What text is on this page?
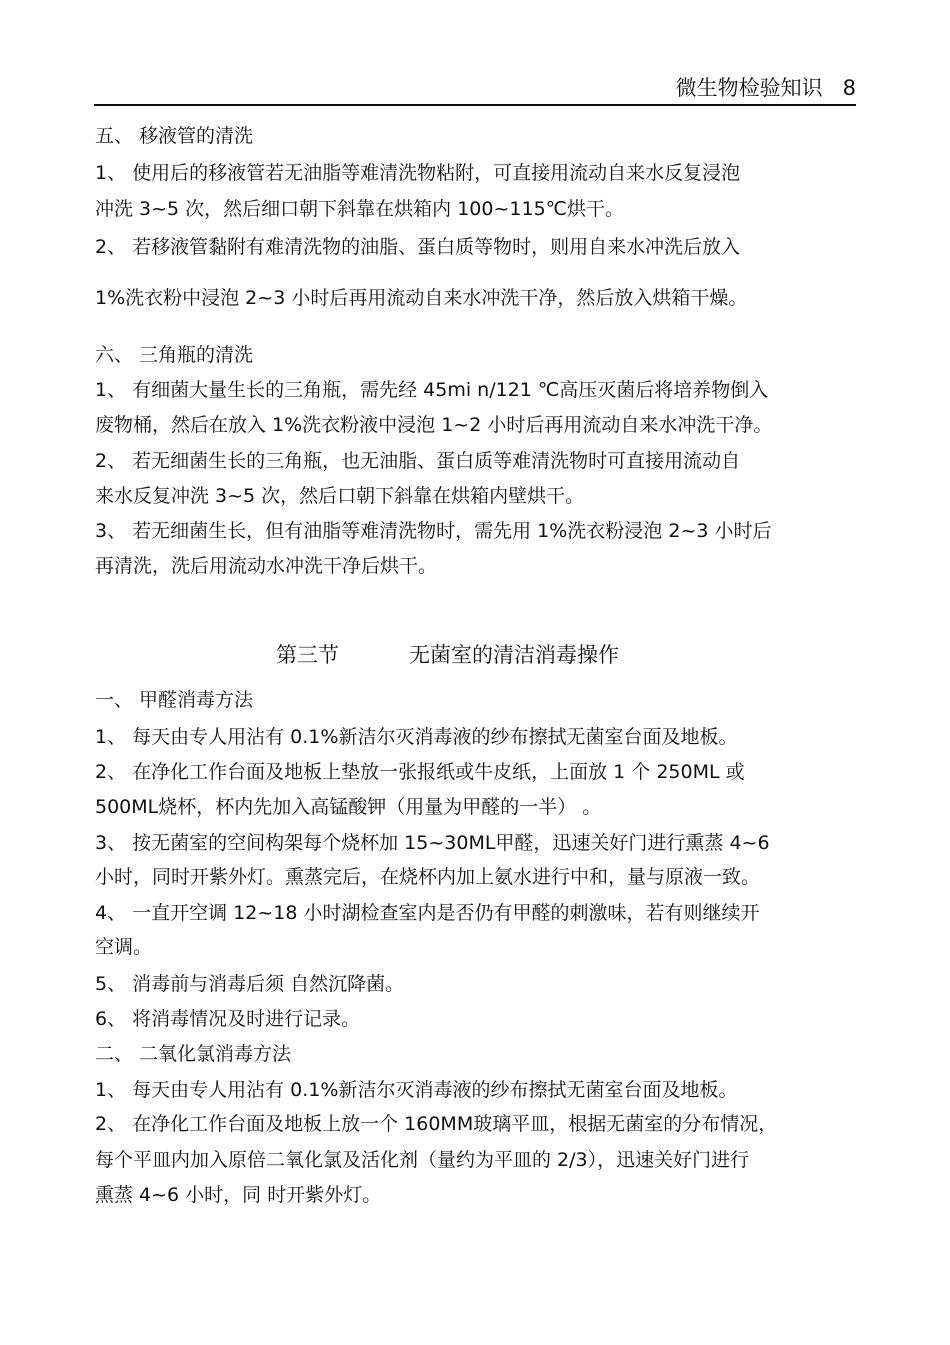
微生物检验知识 8
五、 移液管的清洗
1、 使用后的移液管若无油脂等难清洗物粘附，可直接用流动自来水反复浸泡
冲洗 3~5 次，然后细口朝下斜靠在烘箱内 100~115℃烘干。
2、 若移液管黏附有难清洗物的油脂、蛋白质等物时，则用自来水冲洗后放入
1%洗衣粉中浸泡 2~3 小时后再用流动自来水冲洗干净，然后放入烘箱干燥。
六、 三角瓶的清洗
1、 有细菌大量生长的三角瓶，需先经 45mi n/121 ℃高压灭菌后将培养物倒入
废物桶，然后在放入 1%洗衣粉液中浸泡 1~2 小时后再用流动自来水冲洗干净。
2、 若无细菌生长的三角瓶，也无油脂、蛋白质等难清洗物时可直接用流动自
来水反复冲洗 3~5 次，然后口朝下斜靠在烘箱内壁烘干。
3、 若无细菌生长，但有油脂等难清洗物时，需先用 1%洗衣粉浸泡 2~3 小时后
再清洗，洗后用流动水冲洗干净后烘干。
第三节	无菌室的清洁消毒操作
一、 甲醛消毒方法
1、 每天由专人用沾有 0.1%新洁尔灭消毒液的纱布擦拭无菌室台面及地板。
2、 在净化工作台面及地板上垫放一张报纸或牛皮纸，上面放 1 个 250ML 或
500ML烧杯，杯内先加入高锰酸钾（用量为甲醛的一半） 。
3、 按无菌室的空间构架每个烧杯加 15~30ML甲醛，迅速关好门进行熏蒸 4~6
小时，同时开紫外灯。熏蒸完后，在烧杯内加上氨水进行中和，量与原液一致。
4、 一直开空调 12~18 小时湖检查室内是否仍有甲醛的刺激味，若有则继续开
空调。
5、 消毒前与消毒后须 自然沉降菌。
6、 将消毒情况及时进行记录。
二、 二氧化氯消毒方法
1、 每天由专人用沾有 0.1%新洁尔灭消毒液的纱布擦拭无菌室台面及地板。
2、 在净化工作台面及地板上放一个 160MM玻璃平皿，根据无菌室的分布情况，
每个平皿内加入原倍二氧化氯及活化剂（量约为平皿的 2/3），迅速关好门进行
熏蒸 4~6 小时，同 时开紫外灯。
